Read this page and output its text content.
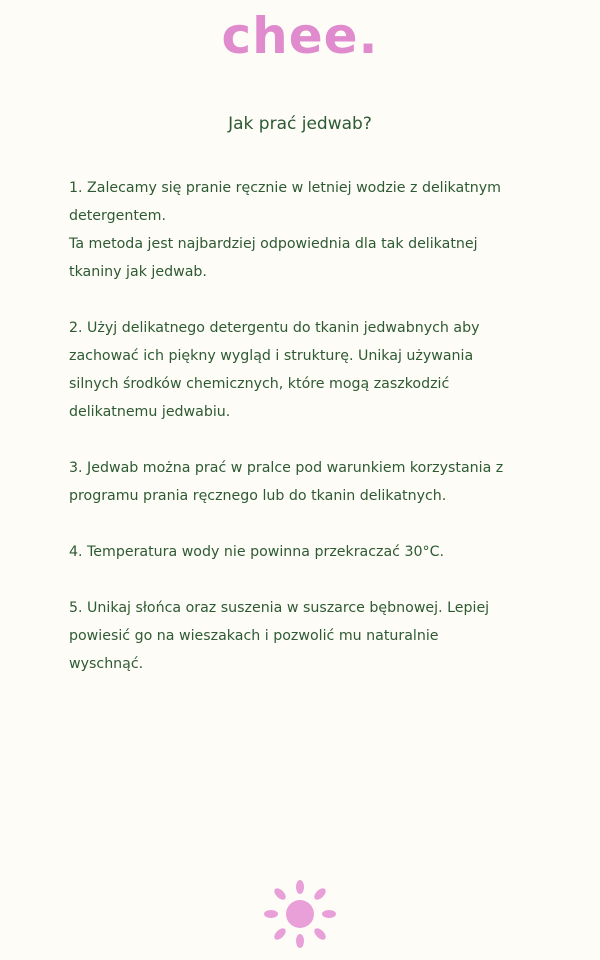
chee.
Jak prać jedwab?

1. Zalecamy się pranie ręcznie w letniej wodzie z delikatnym
detergentem.
Ta metoda jest najbardziej odpowiednia dla tak delikatnej
tkaniny jak jedwab.

2. Użyj delikatnego detergentu do tkanin jedwabnych aby
zachować ich piękny wygląd i strukturę. Unikaj używania
silnych środków chemicznych, które mogą zaszkodzić
delikatnemu jedwabiu.

3. Jedwab można prać w pralce pod warunkiem korzystania z
programu prania ręcznego lub do tkanin delikatnych.

4. Temperatura wody nie powinna przekraczać 30°C.

5. Unikaj słońca oraz suszenia w suszarce bębnowej. Lepiej
powiesić go na wieszakach i pozwolić mu naturalnie
wyschnąć.
